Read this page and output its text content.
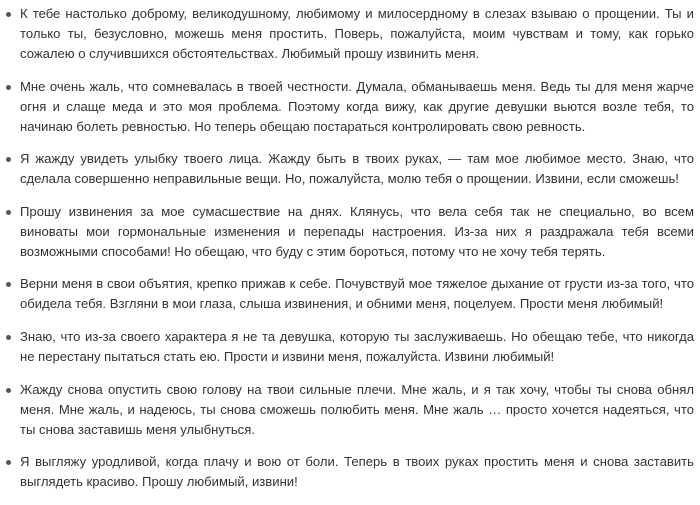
К тебе настолько доброму, великодушному, любимому и милосердному в слезах взываю о прощении. Ты и только ты, безусловно, можешь меня простить. Поверь, пожалуйста, моим чувствам и тому, как горько сожалею о случившихся обстоятельствах. Любимый прошу извинить меня.
Мне очень жаль, что сомневалась в твоей честности. Думала, обманываешь меня. Ведь ты для меня жарче огня и слаще меда и это моя проблема. Поэтому когда вижу, как другие девушки вьются возле тебя, то начинаю болеть ревностью. Но теперь обещаю постараться контролировать свою ревность.
Я жажду увидеть улыбку твоего лица. Жажду быть в твоих руках, — там мое любимое место. Знаю, что сделала совершенно неправильные вещи. Но, пожалуйста, молю тебя о прощении. Извини, если сможешь!
Прошу извинения за мое сумасшествие на днях. Клянусь, что вела себя так не специально, во всем виноваты мои гормональные изменения и перепады настроения. Из-за них я раздражала тебя всеми возможными способами! Но обещаю, что буду с этим бороться, потому что не хочу тебя терять.
Верни меня в свои объятия, крепко прижав к себе. Почувствуй мое тяжелое дыхание от грусти из-за того, что обидела тебя. Взгляни в мои глаза, слыша извинения, и обними меня, поцелуем. Прости меня любимый!
Знаю, что из-за своего характера я не та девушка, которую ты заслуживаешь. Но обещаю тебе, что никогда не перестану пытаться стать ею. Прости и извини меня, пожалуйста. Извини любимый!
Жажду снова опустить свою голову на твои сильные плечи. Мне жаль, и я так хочу, чтобы ты снова обнял меня. Мне жаль, и надеюсь, ты снова сможешь полюбить меня. Мне жаль … просто хочется надеяться, что ты снова заставишь меня улыбнуться.
Я выгляжу уродливой, когда плачу и вою от боли. Теперь в твоих руках простить меня и снова заставить выглядеть красиво. Прошу любимый, извини!
